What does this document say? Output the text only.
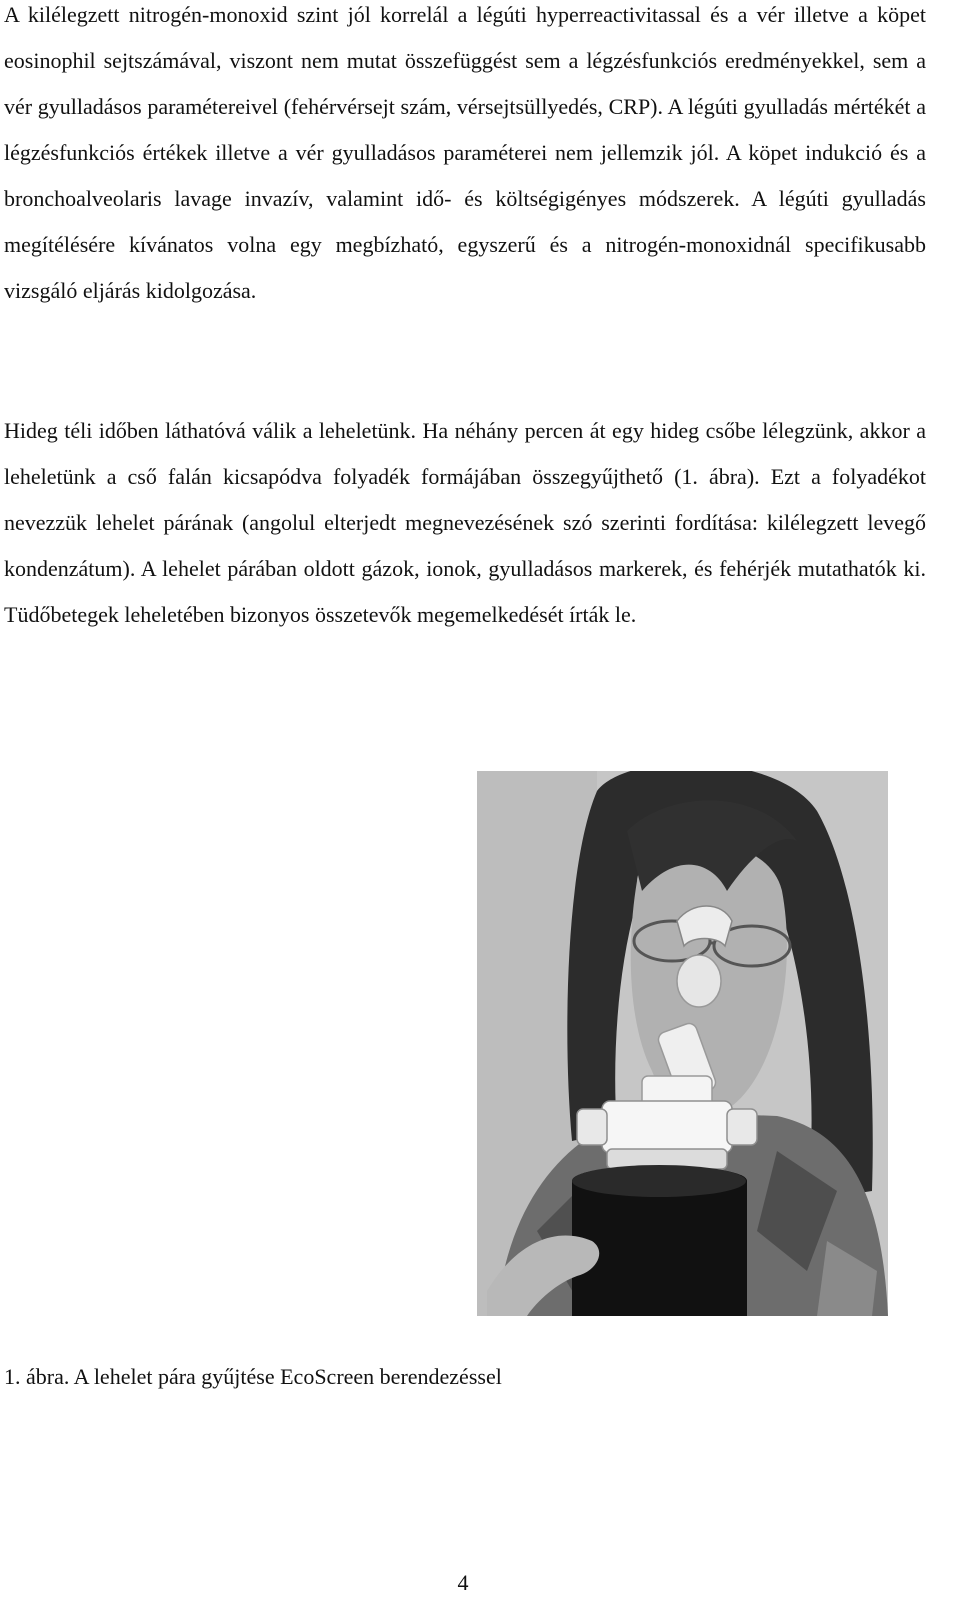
A kilélegzett nitrogén-monoxid szint jól korrelál a légúti hyperreactivitassal és a vér illetve a köpet eosinophil sejtszámával, viszont nem mutat összefüggést sem a légzésfunkciós eredményekkel, sem a vér gyulladásos paramétereivel (fehérvérsejt szám, vérsejtsüllyedés, CRP). A légúti gyulladás mértékét a légzésfunkciós értékek illetve a vér gyulladásos paraméterei nem jellemzik jól. A köpet indukció és a bronchoalveolaris lavage invazív, valamint idő- és költségigényes módszerek. A légúti gyulladás megítélésére kívánatos volna egy megbízható, egyszerű és a nitrogén-monoxidnál specifikusabb vizsgáló eljárás kidolgozása.

Hideg téli időben láthatóvá válik a leheletünk. Ha néhány percen át egy hideg csőbe lélegzünk, akkor a leheletünk a cső falán kicsapódva folyadék formájában összegyűjthető (1. ábra). Ezt a folyadékot nevezzük lehelet párának (angolul elterjedt megnevezésének szó szerinti fordítása: kilélegzett levegő kondenzátum). A lehelet párában oldott gázok, ionok, gyulladásos markerek, és fehérjék mutathatók ki. Tüdőbetegek leheletében bizonyos összetevők megemelkedését írták le.

1. ábra. A lehelet pára gyűjtése EcoScreen berendezéssel

4
